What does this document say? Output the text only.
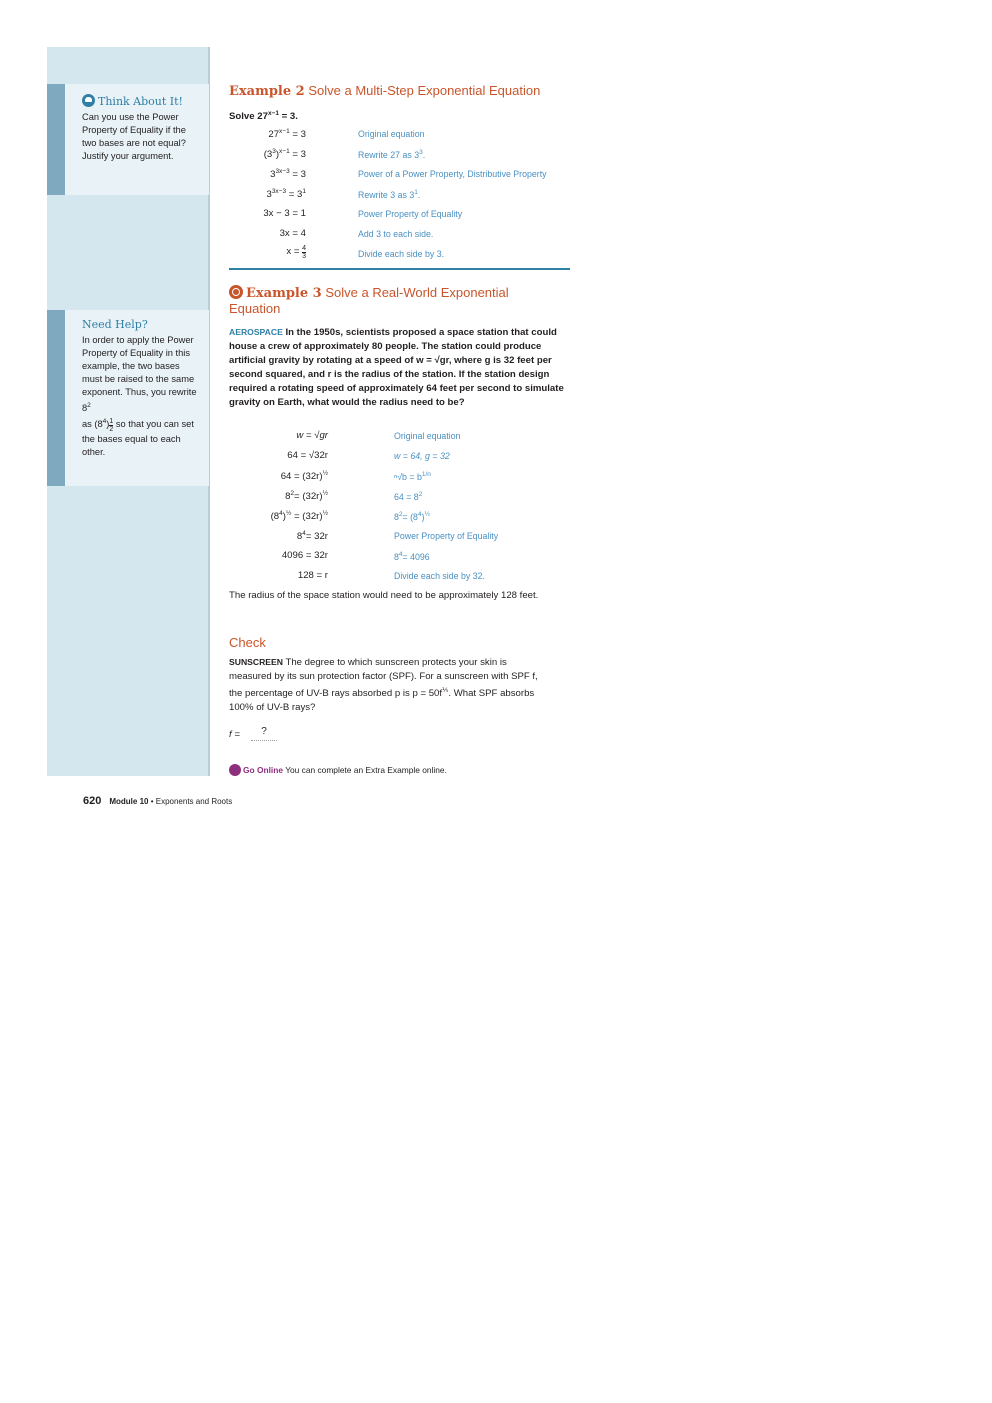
Think About It!
Can you use the Power Property of Equality if the two bases are not equal? Justify your argument.
Need Help?
In order to apply the Power Property of Equality in this example, the two bases must be raised to the same exponent. Thus, you rewrite $8^2$
as $(8^4) \frac{1}{2}$ so that you can set the bases equal to each other.
Example 2 Solve a Multi-Step Exponential Equation
Solve $27^{x-1} = 3$.
$27^{x-1} = 3$	Original equation
$(3^3)^{x-1} = 3$	Rewrite 27 as $3^3$.
$3^{3x-3} = 3$	Power of a Power Property, Distributive Property
$3^{3x-3} = 3^1$	Rewrite 3 as $3^1$.
3x − 3 = 1	Power Property of Equality
3x = 4	Add 3 to each side.
$x = \frac{4}{3}$	Divide each side by 3.
Example 3 Solve a Real-World Exponential
Equation
AEROSPACE In the 1950s, scientists proposed a space station that could house a crew of approximately 80 people. The station could produce artificial gravity by rotating at a speed of w = √gr, where g is 32 feet per second squared, and r is the radius of the station. If the station design required a rotating speed of approximately 64 feet per second to simulate gravity on Earth, what would the radius need to be?
w = √gr	Original equation
64 = √32r	w = 64, g = 32
$64 = (32r)^{\frac{1}{2}}$	$^n√b = b^{1/n}$
$8^2= (32r)^{\frac{1}{2}}$	$64 = 8^2$
$(8^4)^{\frac{1}{2}} = (32r)^{\frac{1}{2}}$	$8^2= (8^4)^{\frac{1}{2}}$
$8^4= 32r$	Power Property of Equality
4096 = 32r	$8^4= 4096$
128 = r	Divide each side by 32.
The radius of the space station would need to be approximately 128 feet.
Check
SUNSCREEN The degree to which sunscreen protects your skin is measured by its sun protection factor (SPF). For a sunscreen with SPF f, the percentage of UV-B rays absorbed p is $p = 50f^{\frac{1}{5}}$. What SPF absorbs 100% of UV-B rays?
f =	?
Go Online You can complete an Extra Example online.
620 Module 10 • Exponents and Roots
